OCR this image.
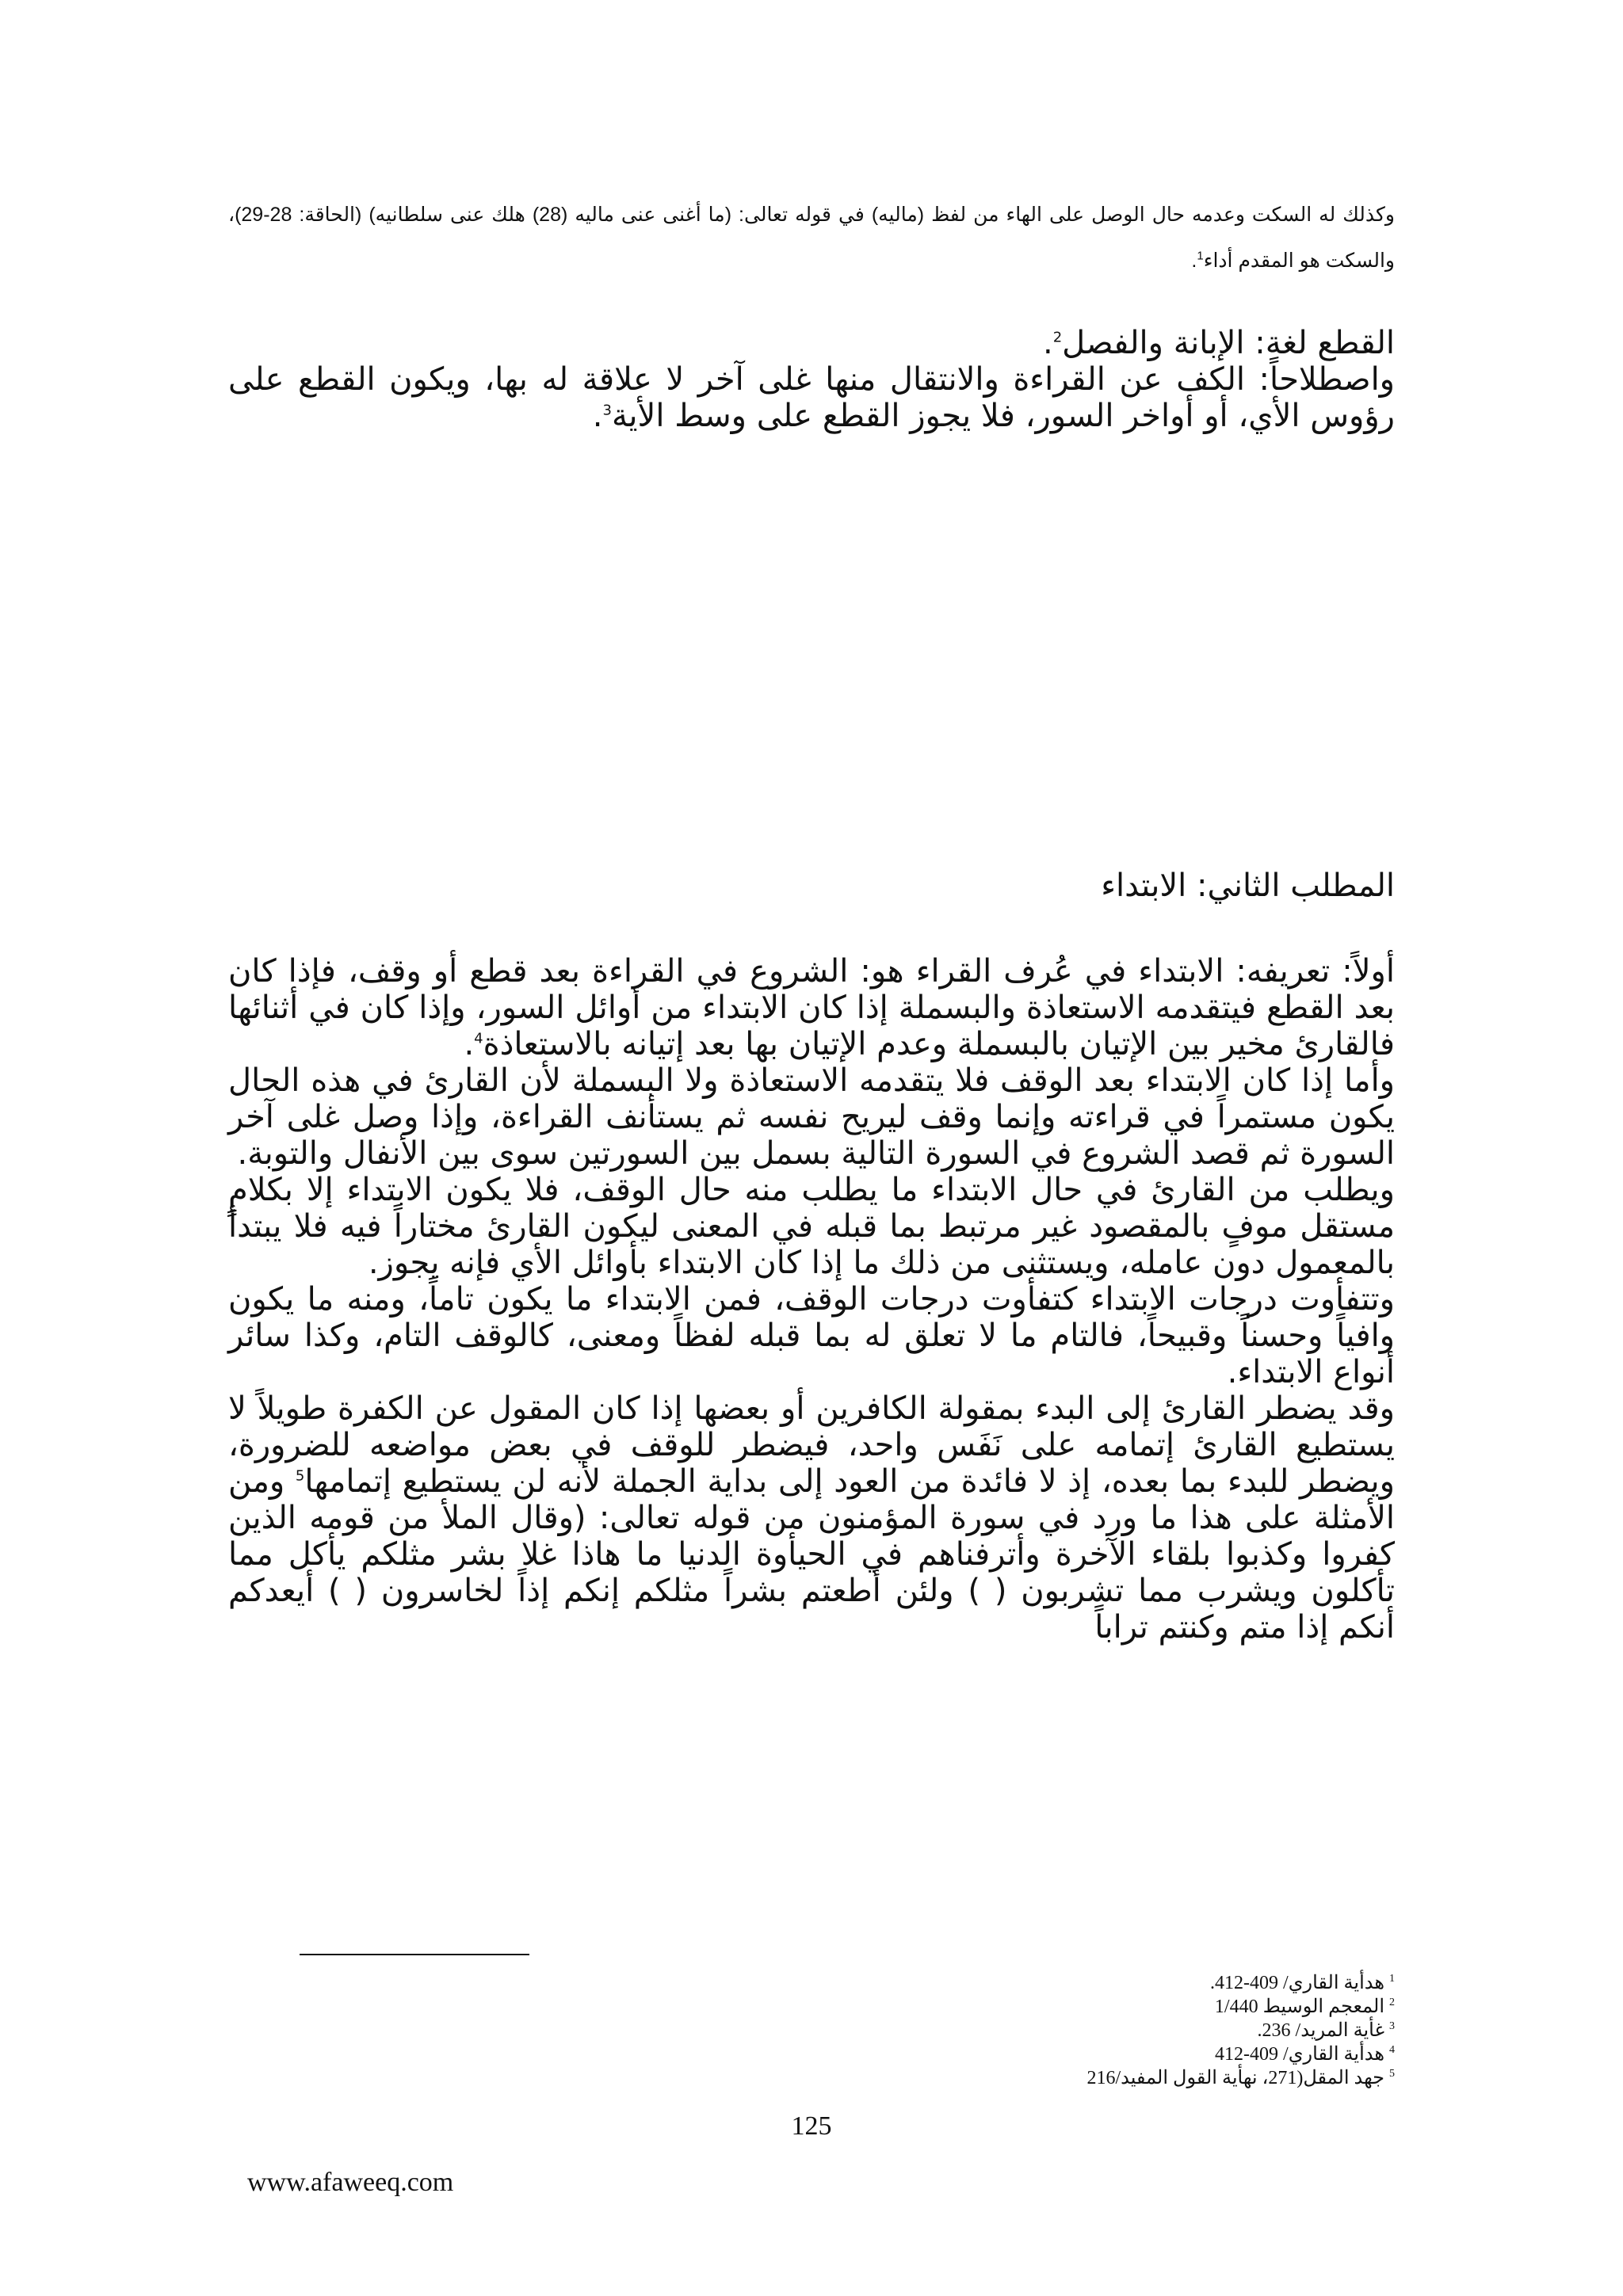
وكذلك له السكت وعدمه حال الوصل على الهاء من لفظ (ماليه) في قوله تعالى: (ما أغنى عنى ماليه (28) هلك عنى سلطانيه) (الحاقة: 28-29)، والسكت هو المقدم أداء$^1$.

القطع لغة: الإبانة والفصل$^2$.

واصطلاحاً: الكف عن القراءة والانتقال منها غلى آخر لا علاقة له بها، ويكون القطع على رؤوس الأي، أو أواخر السور، فلا يجوز القطع على وسط الأية$^3$.

المطلب الثاني: الابتداء

أولاً: تعريفه: الابتداء في عُرف القراء هو: الشروع في القراءة بعد قطع أو وقف، فإذا كان بعد القطع فيتقدمه الاستعاذة والبسملة إذا كان الابتداء من أوائل السور، وإذا كان في أثنائها فالقارئ مخير بين الإتيان بالبسملة وعدم الإتيان بها بعد إتيانه بالاستعاذة$^4$.

وأما إذا كان الابتداء بعد الوقف فلا يتقدمه الاستعاذة ولا البسملة لأن القارئ في هذه الحال يكون مستمراً في قراءته وإنما وقف ليريح نفسه ثم يستأنف القراءة، وإذا وصل غلى آخر السورة ثم قصد الشروع في السورة التالية بسمل بين السورتين سوى بين الأنفال والتوبة.

ويطلب من القارئ في حال الابتداء ما يطلب منه حال الوقف، فلا يكون الابتداء إلا بكلامٍ مستقل موفٍ بالمقصود غير مرتبط بما قبله في المعنى ليكون القارئ مختاراً فيه فلا يبتدأ بالمعمول دون عامله، ويستثنى من ذلك ما إذا كان الابتداء بأوائل الأي فإنه يجوز.

وتتفأوت درجات الابتداء كتفأوت درجات الوقف، فمن الابتداء ما يكون تاماً، ومنه ما يكون وافياً وحسناً وقبيحاً، فالتام ما لا تعلق له بما قبله لفظاً ومعنى، كالوقف التام، وكذا سائر أنواع الابتداء.

وقد يضطر القارئ إلى البدء بمقولة الكافرين أو بعضها إذا كان المقول عن الكفرة طويلاً لا يستطيع القارئ إتمامه على نَفَس واحد، فيضطر للوقف في بعض مواضعه للضرورة، ويضطر للبدء بما بعده، إذ لا فائدة من العود إلى بداية الجملة لأنه لن يستطيع إتمامها$^5$ ومن الأمثلة على هذا ما ورد في سورة المؤمنون من قوله تعالى: (وقال الملأ من قومه الذين كفروا وكذبوا بلقاء الآخرة وأترفناهم في الحيأوة الدنيا ما هاذا غلا بشر مثلكم يأكل مما تأكلون ويشرب مما تشربون ( ) ولئن أطعتم بشراً مثلكم إنكم إذاً لخاسرون ( ) أيعدكم أنكم إذا متم وكنتم تراباً

$^1$هدأية القاري/ 409-412.
$^2$المعجم الوسيط 1/440
$^3$غأية المريد/ 236.
$^4$هدأية القاري/ 409-412
$^5$جهد المقل(271، نهأية القول المفيد/216
125
www.afaweeq.com
